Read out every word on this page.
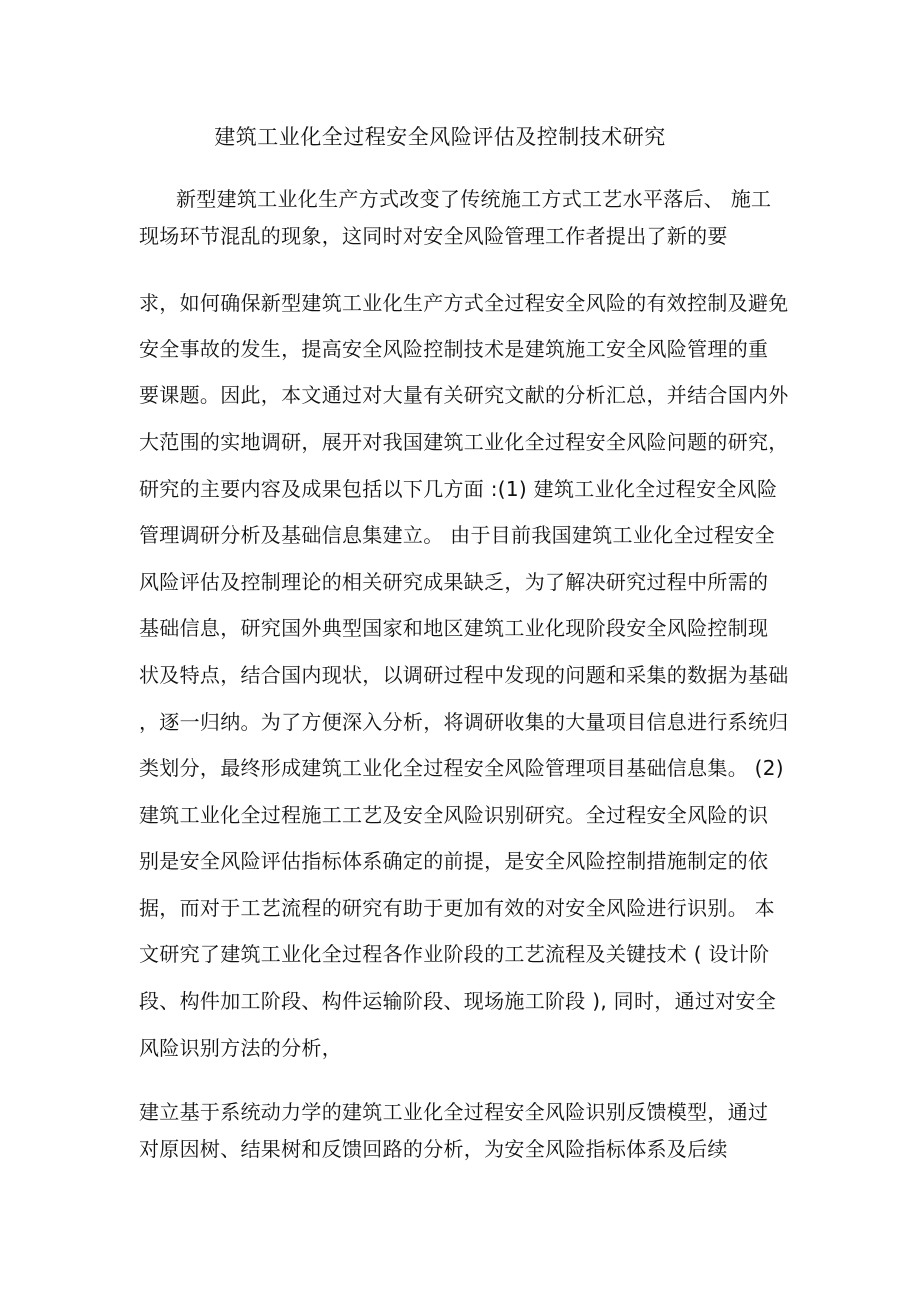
建筑工业化全过程安全风险评估及控制技术研究
新型建筑工业化生产方式改变了传统施工方式工艺水平落后、 施工
现场环节混乱的现象，这同时对安全风险管理工作者提出了新的要
求，如何确保新型建筑工业化生产方式全过程安全风险的有效控制及避免
安全事故的发生，提高安全风险控制技术是建筑施工安全风险管理的重
要课题。因此，本文通过对大量有关研究文献的分析汇总，并结合国内外
大范围的实地调研，展开对我国建筑工业化全过程安全风险问题的研究，
研究的主要内容及成果包括以下几方面 :(1) 建筑工业化全过程安全风险
管理调研分析及基础信息集建立。 由于目前我国建筑工业化全过程安全
风险评估及控制理论的相关研究成果缺乏，为了解决研究过程中所需的
基础信息，研究国外典型国家和地区建筑工业化现阶段安全风险控制现
状及特点，结合国内现状，以调研过程中发现的问题和采集的数据为基础
，逐一归纳。为了方便深入分析，将调研收集的大量项目信息进行系统归
类划分，最终形成建筑工业化全过程安全风险管理项目基础信息集。 (2)
建筑工业化全过程施工工艺及安全风险识别研究。全过程安全风险的识
别是安全风险评估指标体系确定的前提，是安全风险控制措施制定的依
据，而对于工艺流程的研究有助于更加有效的对安全风险进行识别。 本
文研究了建筑工业化全过程各作业阶段的工艺流程及关键技术 ( 设计阶
段、构件加工阶段、构件运输阶段、现场施工阶段 ), 同时，通过对安全
风险识别方法的分析，
建立基于系统动力学的建筑工业化全过程安全风险识别反馈模型，通过
对原因树、结果树和反馈回路的分析，为安全风险指标体系及后续
